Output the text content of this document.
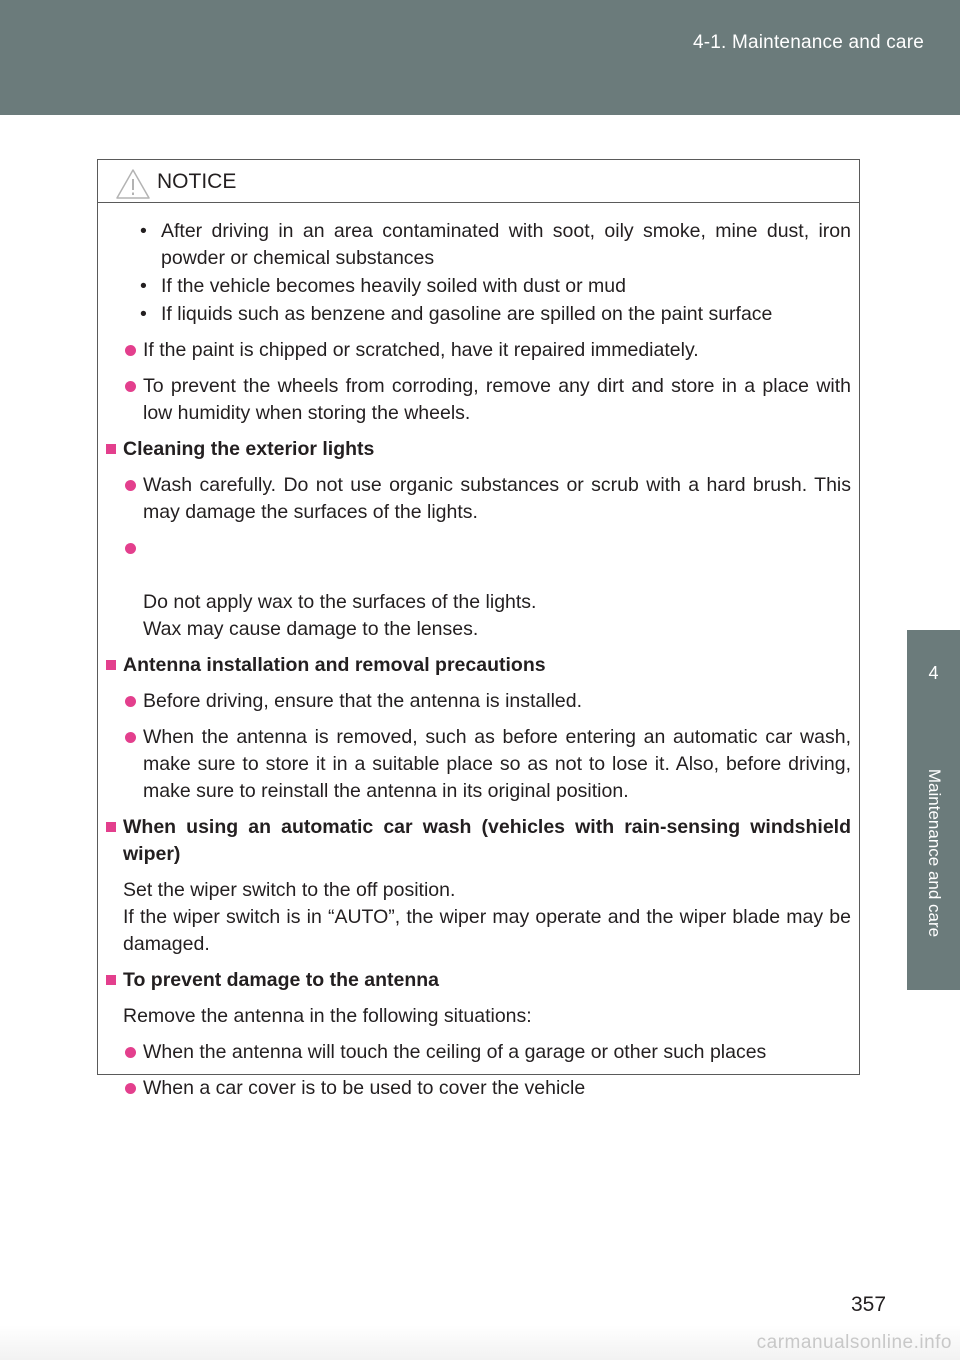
4-1. Maintenance and care
4
Maintenance and care
NOTICE
• After driving in an area contaminated with soot, oily smoke, mine dust, iron powder or chemical substances
• If the vehicle becomes heavily soiled with dust or mud
• If liquids such as benzene and gasoline are spilled on the paint surface
If the paint is chipped or scratched, have it repaired immediately.
To prevent the wheels from corroding, remove any dirt and store in a place with low humidity when storing the wheels.
Cleaning the exterior lights
Wash carefully. Do not use organic substances or scrub with a hard brush. This may damage the surfaces of the lights.

Do not apply wax to the surfaces of the lights.
Wax may cause damage to the lenses.

Antenna installation and removal precautions
Before driving, ensure that the antenna is installed.
When the antenna is removed, such as before entering an automatic car wash, make sure to store it in a suitable place so as not to lose it. Also, before driving, make sure to reinstall the antenna in its original position.
When using an automatic car wash (vehicles with rain-sensing windshield wiper)
Set the wiper switch to the off position.
If the wiper switch is in “AUTO”, the wiper may operate and the wiper blade may be damaged.
To prevent damage to the antenna
Remove the antenna in the following situations:
When the antenna will touch the ceiling of a garage or other such places
When a car cover is to be used to cover the vehicle
357
carmanualsonline.info
